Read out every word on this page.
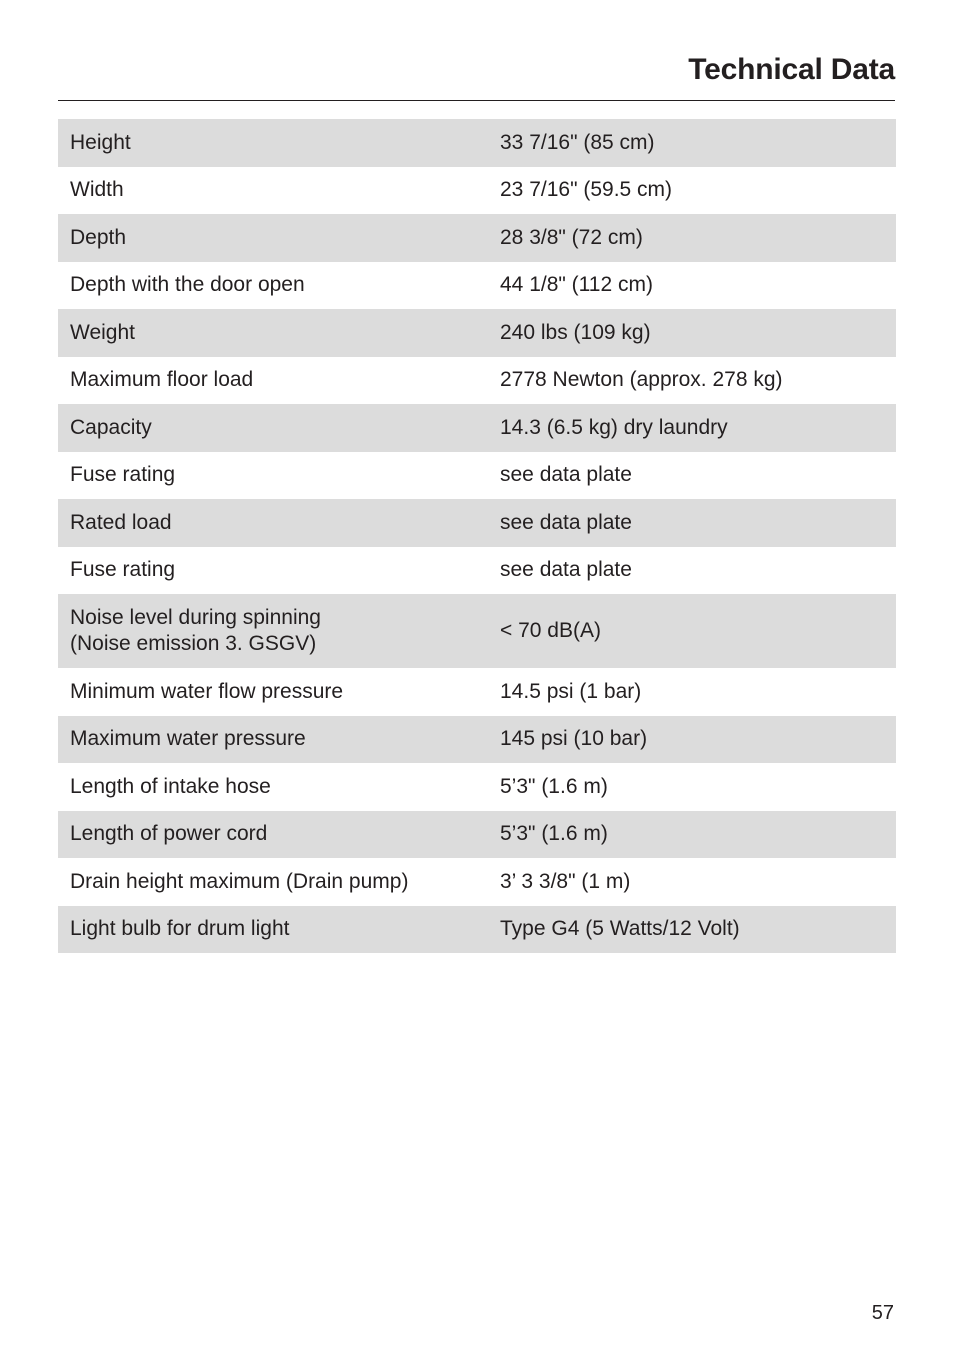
Technical Data
Height	33 7/16" (85 cm)
Width	23 7/16" (59.5 cm)
Depth	28 3/8" (72 cm)
Depth with the door open	44 1/8" (112 cm)
Weight	240 lbs (109 kg)
Maximum floor load	2778 Newton (approx. 278 kg)
Capacity	14.3 (6.5 kg) dry laundry
Fuse rating	see data plate
Rated load	see data plate
Fuse rating	see data plate

Noise level during spinning
(Noise emission 3. GSGV)	< 70 dB(A)
Minimum water flow pressure	14.5 psi (1 bar)
Maximum water pressure	145 psi (10 bar)
Length of intake hose	5’3" (1.6 m)
Length of power cord	5’3" (1.6 m)
Drain height maximum (Drain pump)	3’ 3 3/8" (1 m)
Light bulb for drum light	Type G4 (5 Watts/12 Volt)
57
